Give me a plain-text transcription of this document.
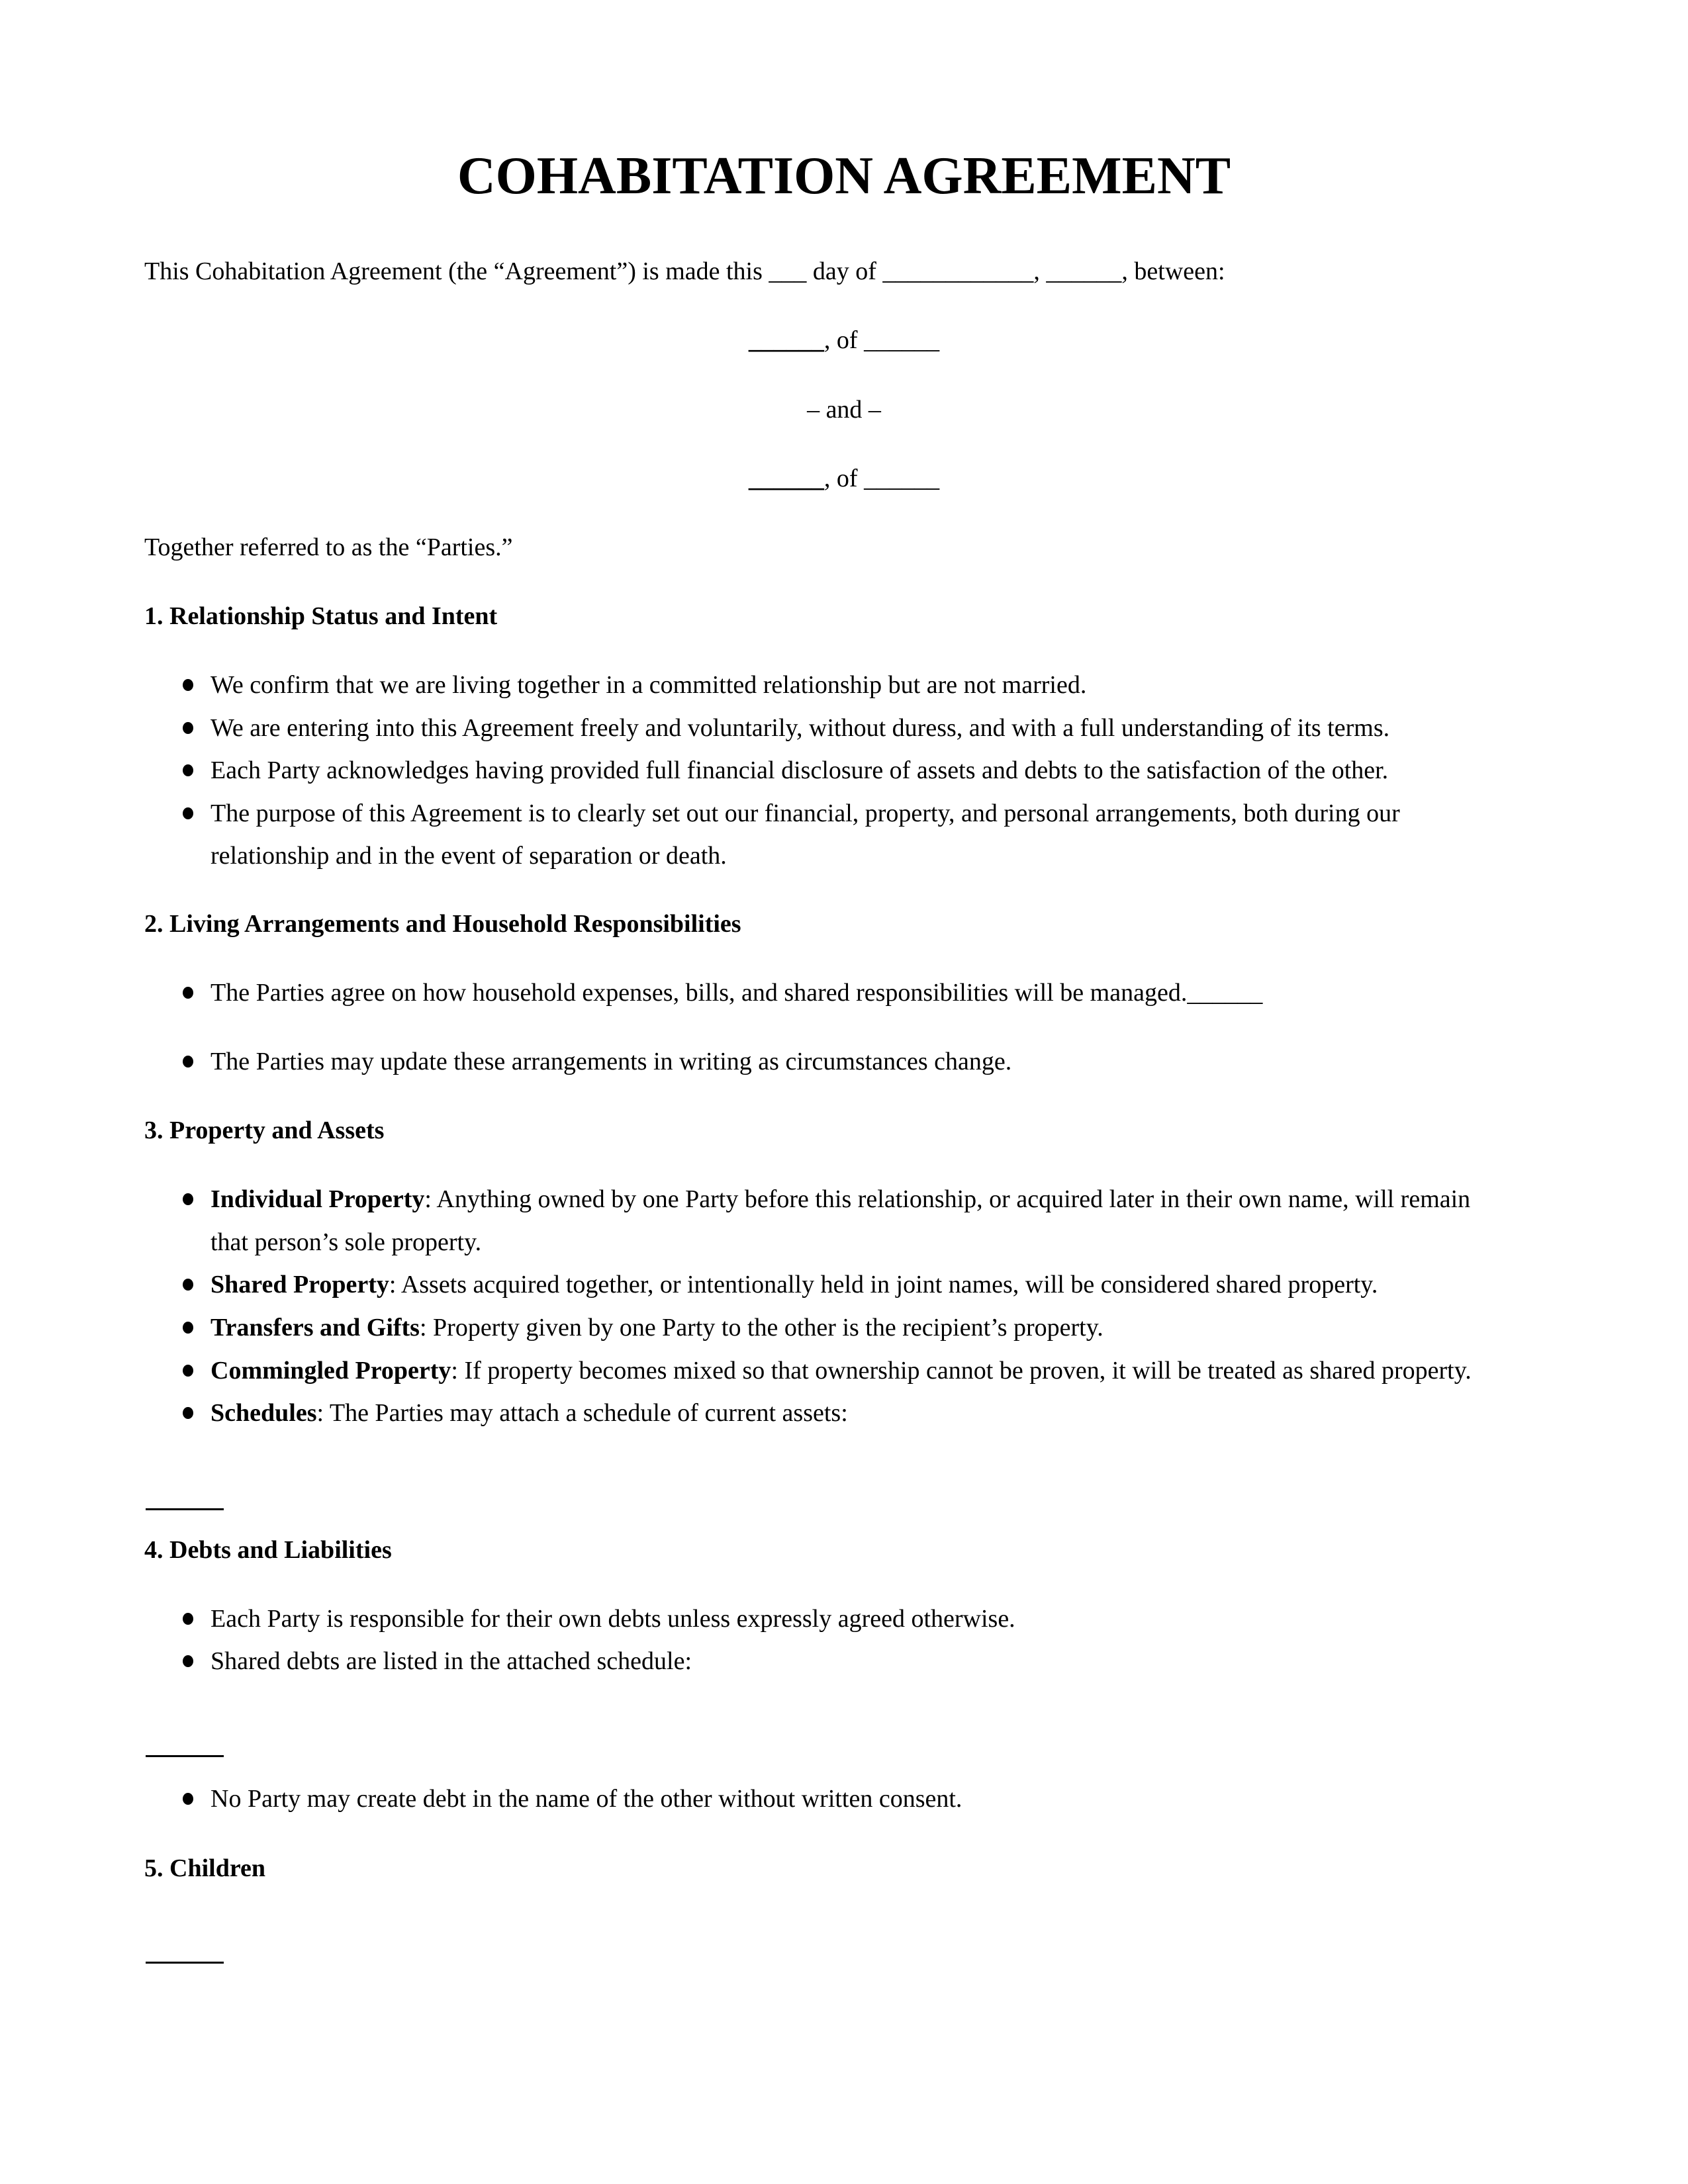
COHABITATION AGREEMENT
This Cohabitation Agreement (the “Agreement”) is made this ___ day of ____________, ______, between:
______, of ______
– and –
______, of ______
Together referred to as the “Parties.”
1. Relationship Status and Intent
We confirm that we are living together in a committed relationship but are not married.
We are entering into this Agreement freely and voluntarily, without duress, and with a full understanding of its terms.
Each Party acknowledges having provided full financial disclosure of assets and debts to the satisfaction of the other.
The purpose of this Agreement is to clearly set out our financial, property, and personal arrangements, both during our
relationship and in the event of separation or death.
2. Living Arrangements and Household Responsibilities
The Parties agree on how household expenses, bills, and shared responsibilities will be managed.______
The Parties may update these arrangements in writing as circumstances change.
3. Property and Assets
Individual Property: Anything owned by one Party before this relationship, or acquired later in their own name, will remain
that person’s sole property.
Shared Property: Assets acquired together, or intentionally held in joint names, will be considered shared property.
Transfers and Gifts: Property given by one Party to the other is the recipient’s property.
Commingled Property: If property becomes mixed so that ownership cannot be proven, it will be treated as shared property.
Schedules: The Parties may attach a schedule of current assets:
4. Debts and Liabilities
Each Party is responsible for their own debts unless expressly agreed otherwise.
Shared debts are listed in the attached schedule:
No Party may create debt in the name of the other without written consent.
5. Children
